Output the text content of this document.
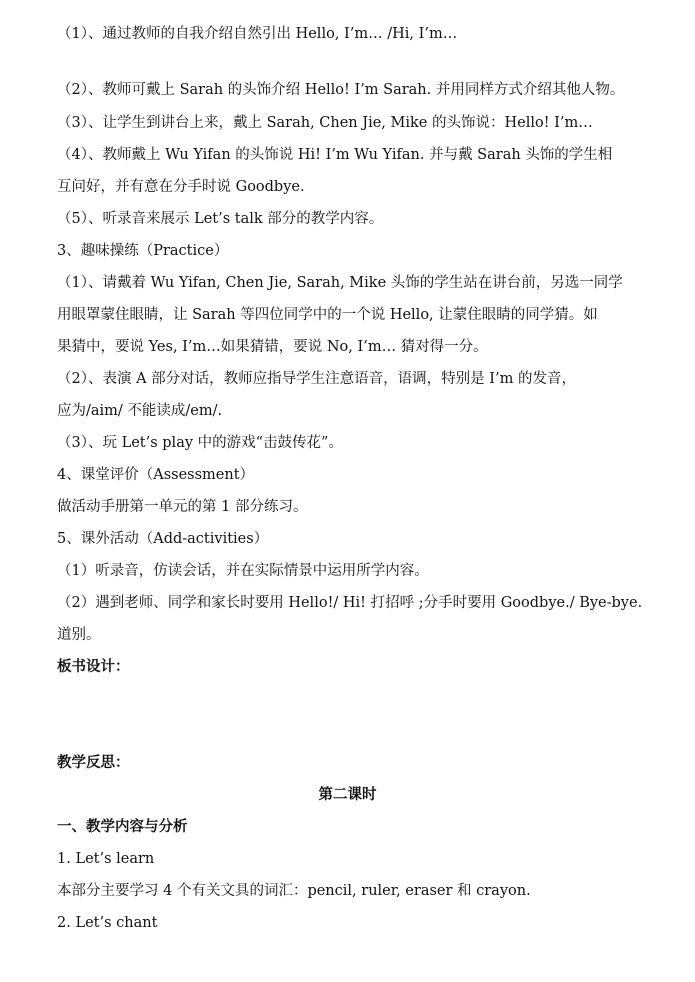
（1）、通过教师的自我介绍自然引出 Hello, I’m… /Hi, I’m…
（2）、教师可戴上 Sarah 的头饰介绍 Hello! I’m Sarah. 并用同样方式介绍其他人物。
（3）、让学生到讲台上来，戴上 Sarah, Chen Jie, Mike 的头饰说：Hello! I’m…
（4）、教师戴上 Wu Yifan 的头饰说 Hi! I’m Wu Yifan. 并与戴 Sarah 头饰的学生相
互问好，并有意在分手时说 Goodbye.
（5）、听录音来展示 Let’s talk 部分的教学内容。
3、趣味操练（Practice）
（1）、请戴着 Wu Yifan, Chen Jie, Sarah, Mike 头饰的学生站在讲台前，另选一同学
用眼罩蒙住眼睛，让 Sarah 等四位同学中的一个说 Hello, 让蒙住眼睛的同学猜。如
果猜中，要说 Yes, I’m…如果猜错，要说 No, I’m… 猜对得一分。
（2）、表演 A 部分对话，教师应指导学生注意语音，语调，特别是 I’m 的发音，
应为/aim/ 不能读成/em/.
（3）、玩 Let’s play 中的游戏“击鼓传花”。
4、课堂评价（Assessment）
做活动手册第一单元的第 1 部分练习。
5、课外活动（Add-activities）
（1）听录音，仿读会话，并在实际情景中运用所学内容。
（2）遇到老师、同学和家长时要用 Hello!/ Hi! 打招呼 ;分手时要用 Goodbye./ Bye-bye.
道别。
板书设计：
教学反思：
第二课时
一、教学内容与分析
1. Let’s learn
本部分主要学习 4 个有关文具的词汇：pencil, ruler, eraser 和 crayon.
2. Let’s chant
